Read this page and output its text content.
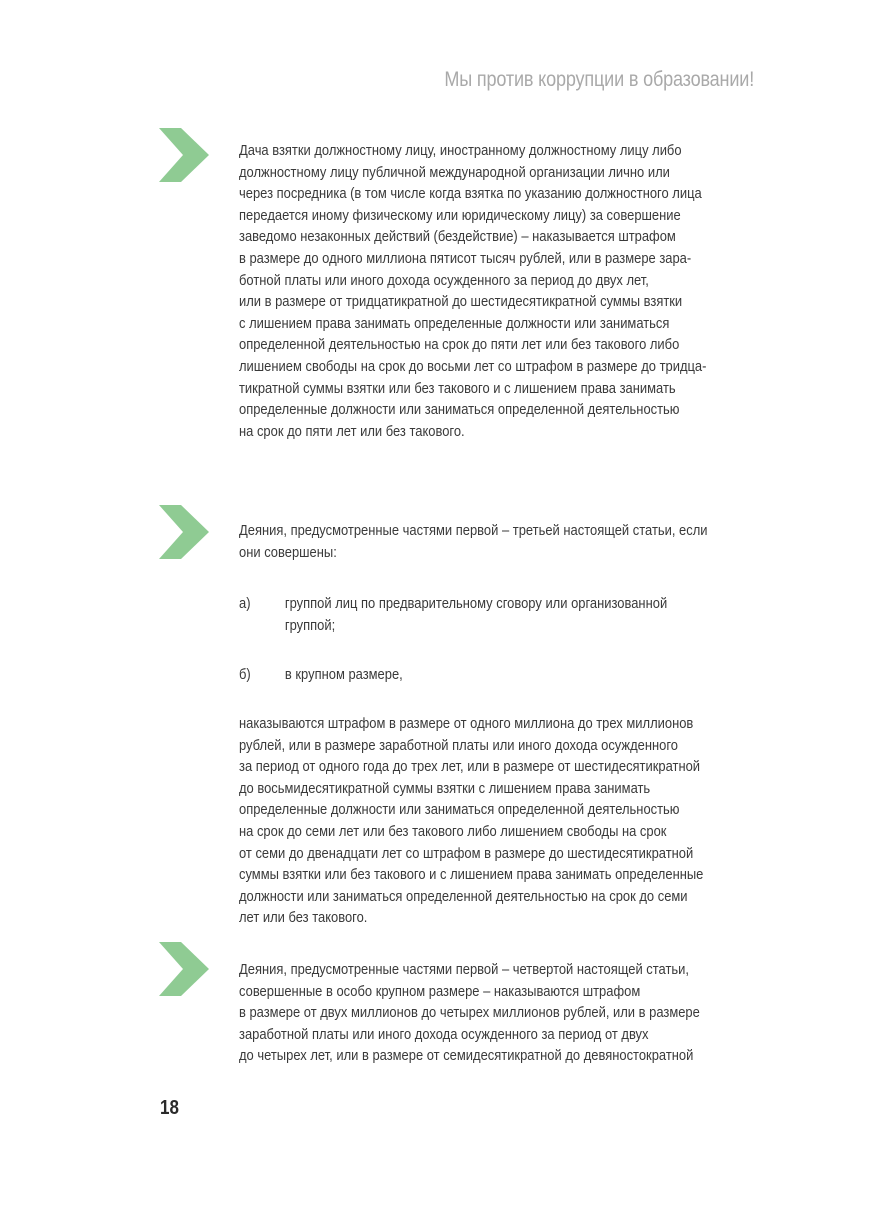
Мы против коррупции в образовании!
Дача взятки должностному лицу, иностранному должностному лицу либо
должностному лицу публичной международной организации лично или
через посредника (в том числе когда взятка по указанию должностного лица
передается иному физическому или юридическому лицу) за совершение
заведомо незаконных действий (бездействие) – наказывается штрафом
в размере до одного миллиона пятисот тысяч рублей, или в размере зара-
ботной платы или иного дохода осужденного за период до двух лет,
или в размере от тридцатикратной до шестидесятикратной суммы взятки
с лишением права занимать определенные должности или заниматься
определенной деятельностью на срок до пяти лет или без такового либо
лишением свободы на срок до восьми лет со штрафом в размере до тридца-
тикратной суммы взятки или без такового и с лишением права занимать
определенные должности или заниматься определенной деятельностью
на срок до пяти лет или без такового.
Деяния, предусмотренные частями первой – третьей настоящей статьи, если
они совершены:
а) группой лиц по предварительному сговору или организованной
группой;
б) в крупном размере,
наказываются штрафом в размере от одного миллиона до трех миллионов
рублей, или в размере заработной платы или иного дохода осужденного
за период от одного года до трех лет, или в размере от шестидесятикратной
до восьмидесятикратной суммы взятки с лишением права занимать
определенные должности или заниматься определенной деятельностью
на срок до семи лет или без такового либо лишением свободы на срок
от семи до двенадцати лет со штрафом в размере до шестидесятикратной
суммы взятки или без такового и с лишением права занимать определенные
должности или заниматься определенной деятельностью на срок до семи
лет или без такового.
Деяния, предусмотренные частями первой – четвертой настоящей статьи,
совершенные в особо крупном размере – наказываются штрафом
в размере от двух миллионов до четырех миллионов рублей, или в размере
заработной платы или иного дохода осужденного за период от двух
до четырех лет, или в размере от семидесятикратной до девяностократной
18
